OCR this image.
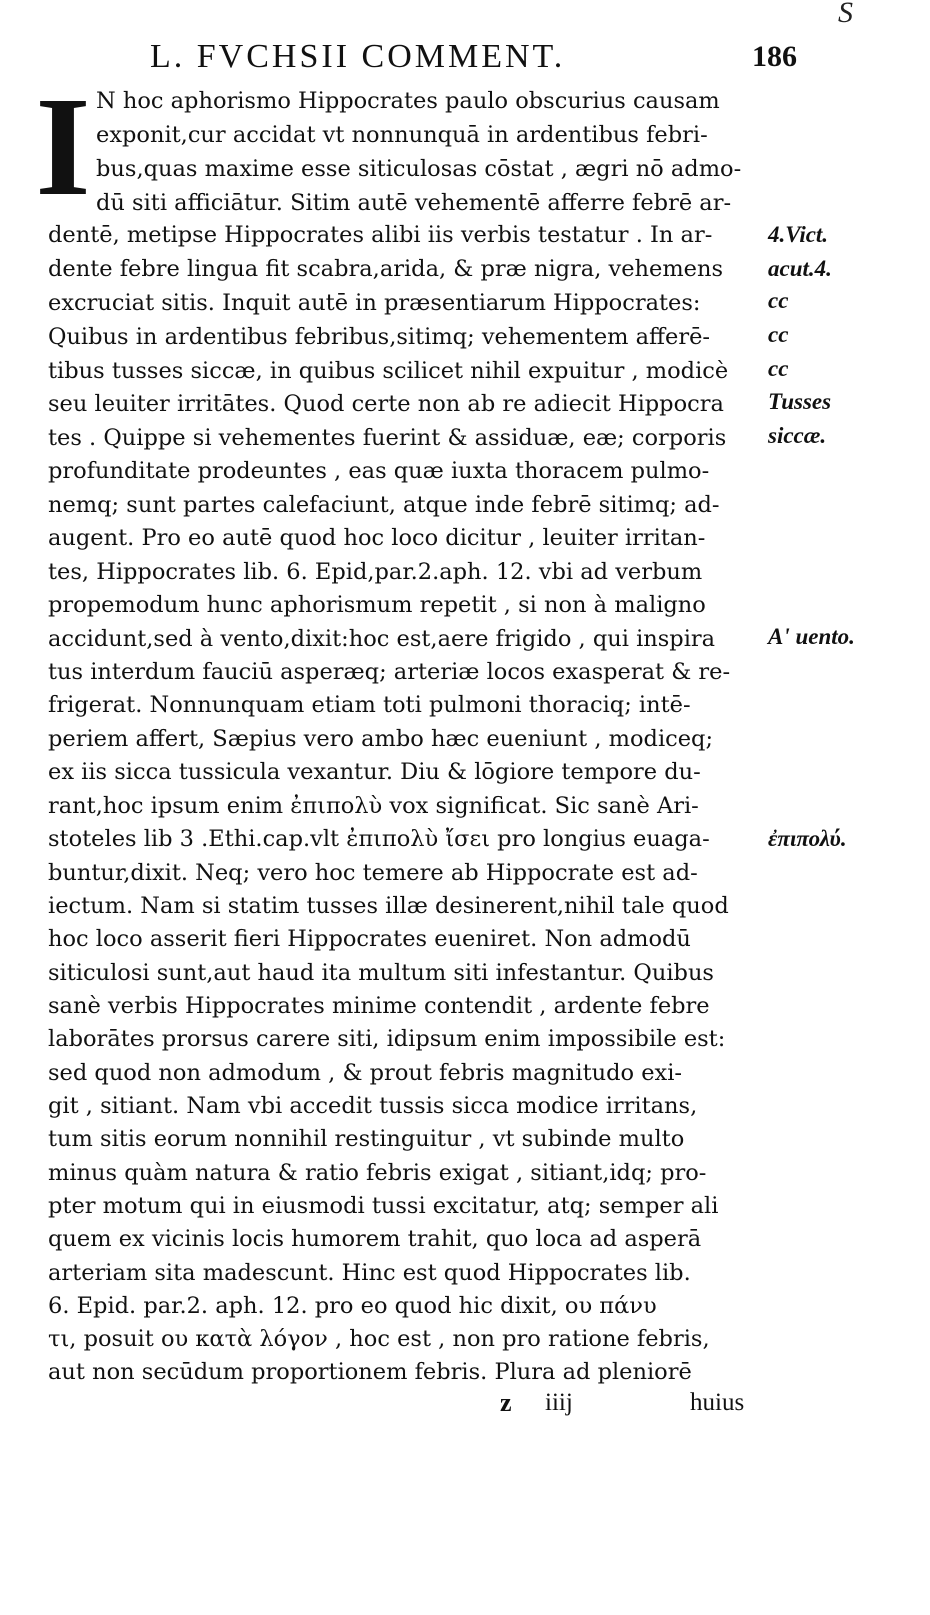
S
L. FVCHSII COMMENT.	186
I N hoc aphorismo Hippocrates paulo obscurius causam
exponit,cur accidat vt nonnunquā in ardentibus febri-
bus,quas maxime esse siticulosas cōstat , ægri nō admo-
dū siti afficiātur. Sitim autē vehementē afferre febrē ar-
dentē, metipse Hippocrates alibi iis verbis testatur . In ar-
dente febre lingua fit scabra,arida, & præ nigra, vehemens
excruciat sitis. Inquit autē in præsentiarum Hippocrates:
Quibus in ardentibus febribus,sitimq; vehementem afferē-
tibus tusses siccæ, in quibus scilicet nihil expuitur , modicè
seu leuiter irritātes. Quod certe non ab re adiecit Hippocra
tes . Quippe si vehementes fuerint & assiduæ, eæ; corporis
profunditate prodeuntes , eas quæ iuxta thoracem pulmo-
nemq; sunt partes calefaciunt, atque inde febrē sitimq; ad-
augent. Pro eo autē quod hoc loco dicitur , leuiter irritan-
tes, Hippocrates lib. 6. Epid,par.2.aph. 12. vbi ad verbum
propemodum hunc aphorismum repetit , si non à maligno
accidunt,sed à vento,dixit:hoc est,aere frigido , qui inspira
tus interdum fauciū asperæq; arteriæ locos exasperat & re-
frigerat. Nonnunquam etiam toti pulmoni thoraciq; intē-
periem affert, Sæpius vero ambo hæc eueniunt , modiceq;
ex iis sicca tussicula vexantur. Diu & lōgiore tempore du-
rant,hoc ipsum enim ἐπιπολὺ vox significat. Sic sanè Ari-
stoteles lib 3 .Ethi.cap.vlt ἐπιπολὺ ἴσει pro longius euaga-
buntur,dixit. Neq; vero hoc temere ab Hippocrate est ad-
iectum. Nam si statim tusses illæ desinerent,nihil tale quod
hoc loco asserit fieri Hippocrates eueniret. Non admodū
siticulosi sunt,aut haud ita multum siti infestantur. Quibus
sanè verbis Hippocrates minime contendit , ardente febre
laborātes prorsus carere siti, idipsum enim impossibile est:
sed quod non admodum , & prout febris magnitudo exi-
git , sitiant. Nam vbi accedit tussis sicca modice irritans,
tum sitis eorum nonnihil restinguitur , vt subinde multo
minus quàm natura & ratio febris exigat , sitiant,idq; pro-
pter motum qui in eiusmodi tussi excitatur, atq; semper ali
quem ex vicinis locis humorem trahit, quo loca ad asperā
arteriam sita madescunt. Hinc est quod Hippocrates lib.
6. Epid. par.2. aph. 12. pro eo quod hic dixit, ου πάνυ
τι, posuit ου κατὰ λόγον , hoc est , non pro ratione febris,
aut non secūdum proportionem febris. Plura ad pleniorē
4.Vict.
acut.4.
cc
cc
cc
Tusses
siccæ.
A' uento.
ἐπιπολύ.
z iiij	huius
